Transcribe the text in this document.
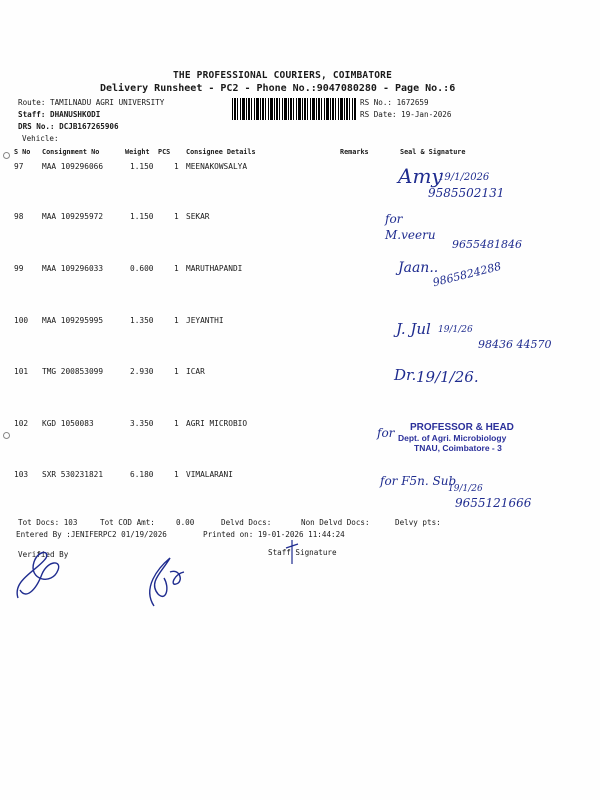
THE PROFESSIONAL COURIERS, COIMBATORE
Delivery Runsheet - PC2 - Phone No.:9047080280 - Page No.:6
Route: TAMILNADU AGRI UNIVERSITY
Staff: DHANUSHKODI
DRS No.: DCJB167265906
Vehicle:
RS No.: 1672659
RS Date: 19-Jan-2026
S No Consignment No	Weight PCS Consignee Details	Remarks	Seal & Signature
97 MAA 109296066	1.150	1 MEENAKOWSALYA	Amy
19/1/2026
9585502131
98 MAA 109295972	1.150	1 SEKAR	for
M.veeru
9655481846
99 MAA 109296033	0.600	1 MARUTHAPANDI	Jaan..
9865824288
100 MAA 109295995	1.350	1 JEYANTHI	J. Jul 19/1/26
98436 44570
101 TMG 200853099	2.930	1 ICAR	Dr. 19/1/26.
102 KGD 1050083	3.350	1 AGRI MICROBIO
for	PROFESSOR & HEAD
Dept. of Agri. Microbiology
TNAU, Coimbatore - 3
103 SXR 530231821	6.180	1 VIMALARANI	for F5n. Sub
19/1/26
9655121666
Tot Docs: 103	Tot COD Amt:	0.00	Delvd Docs:	Non Delvd Docs:	Delvy pts:
Entered By :JENIFERPC2 01/19/2026	Printed on: 19-01-2026 11:44:24
Verified By	Staff Signature
